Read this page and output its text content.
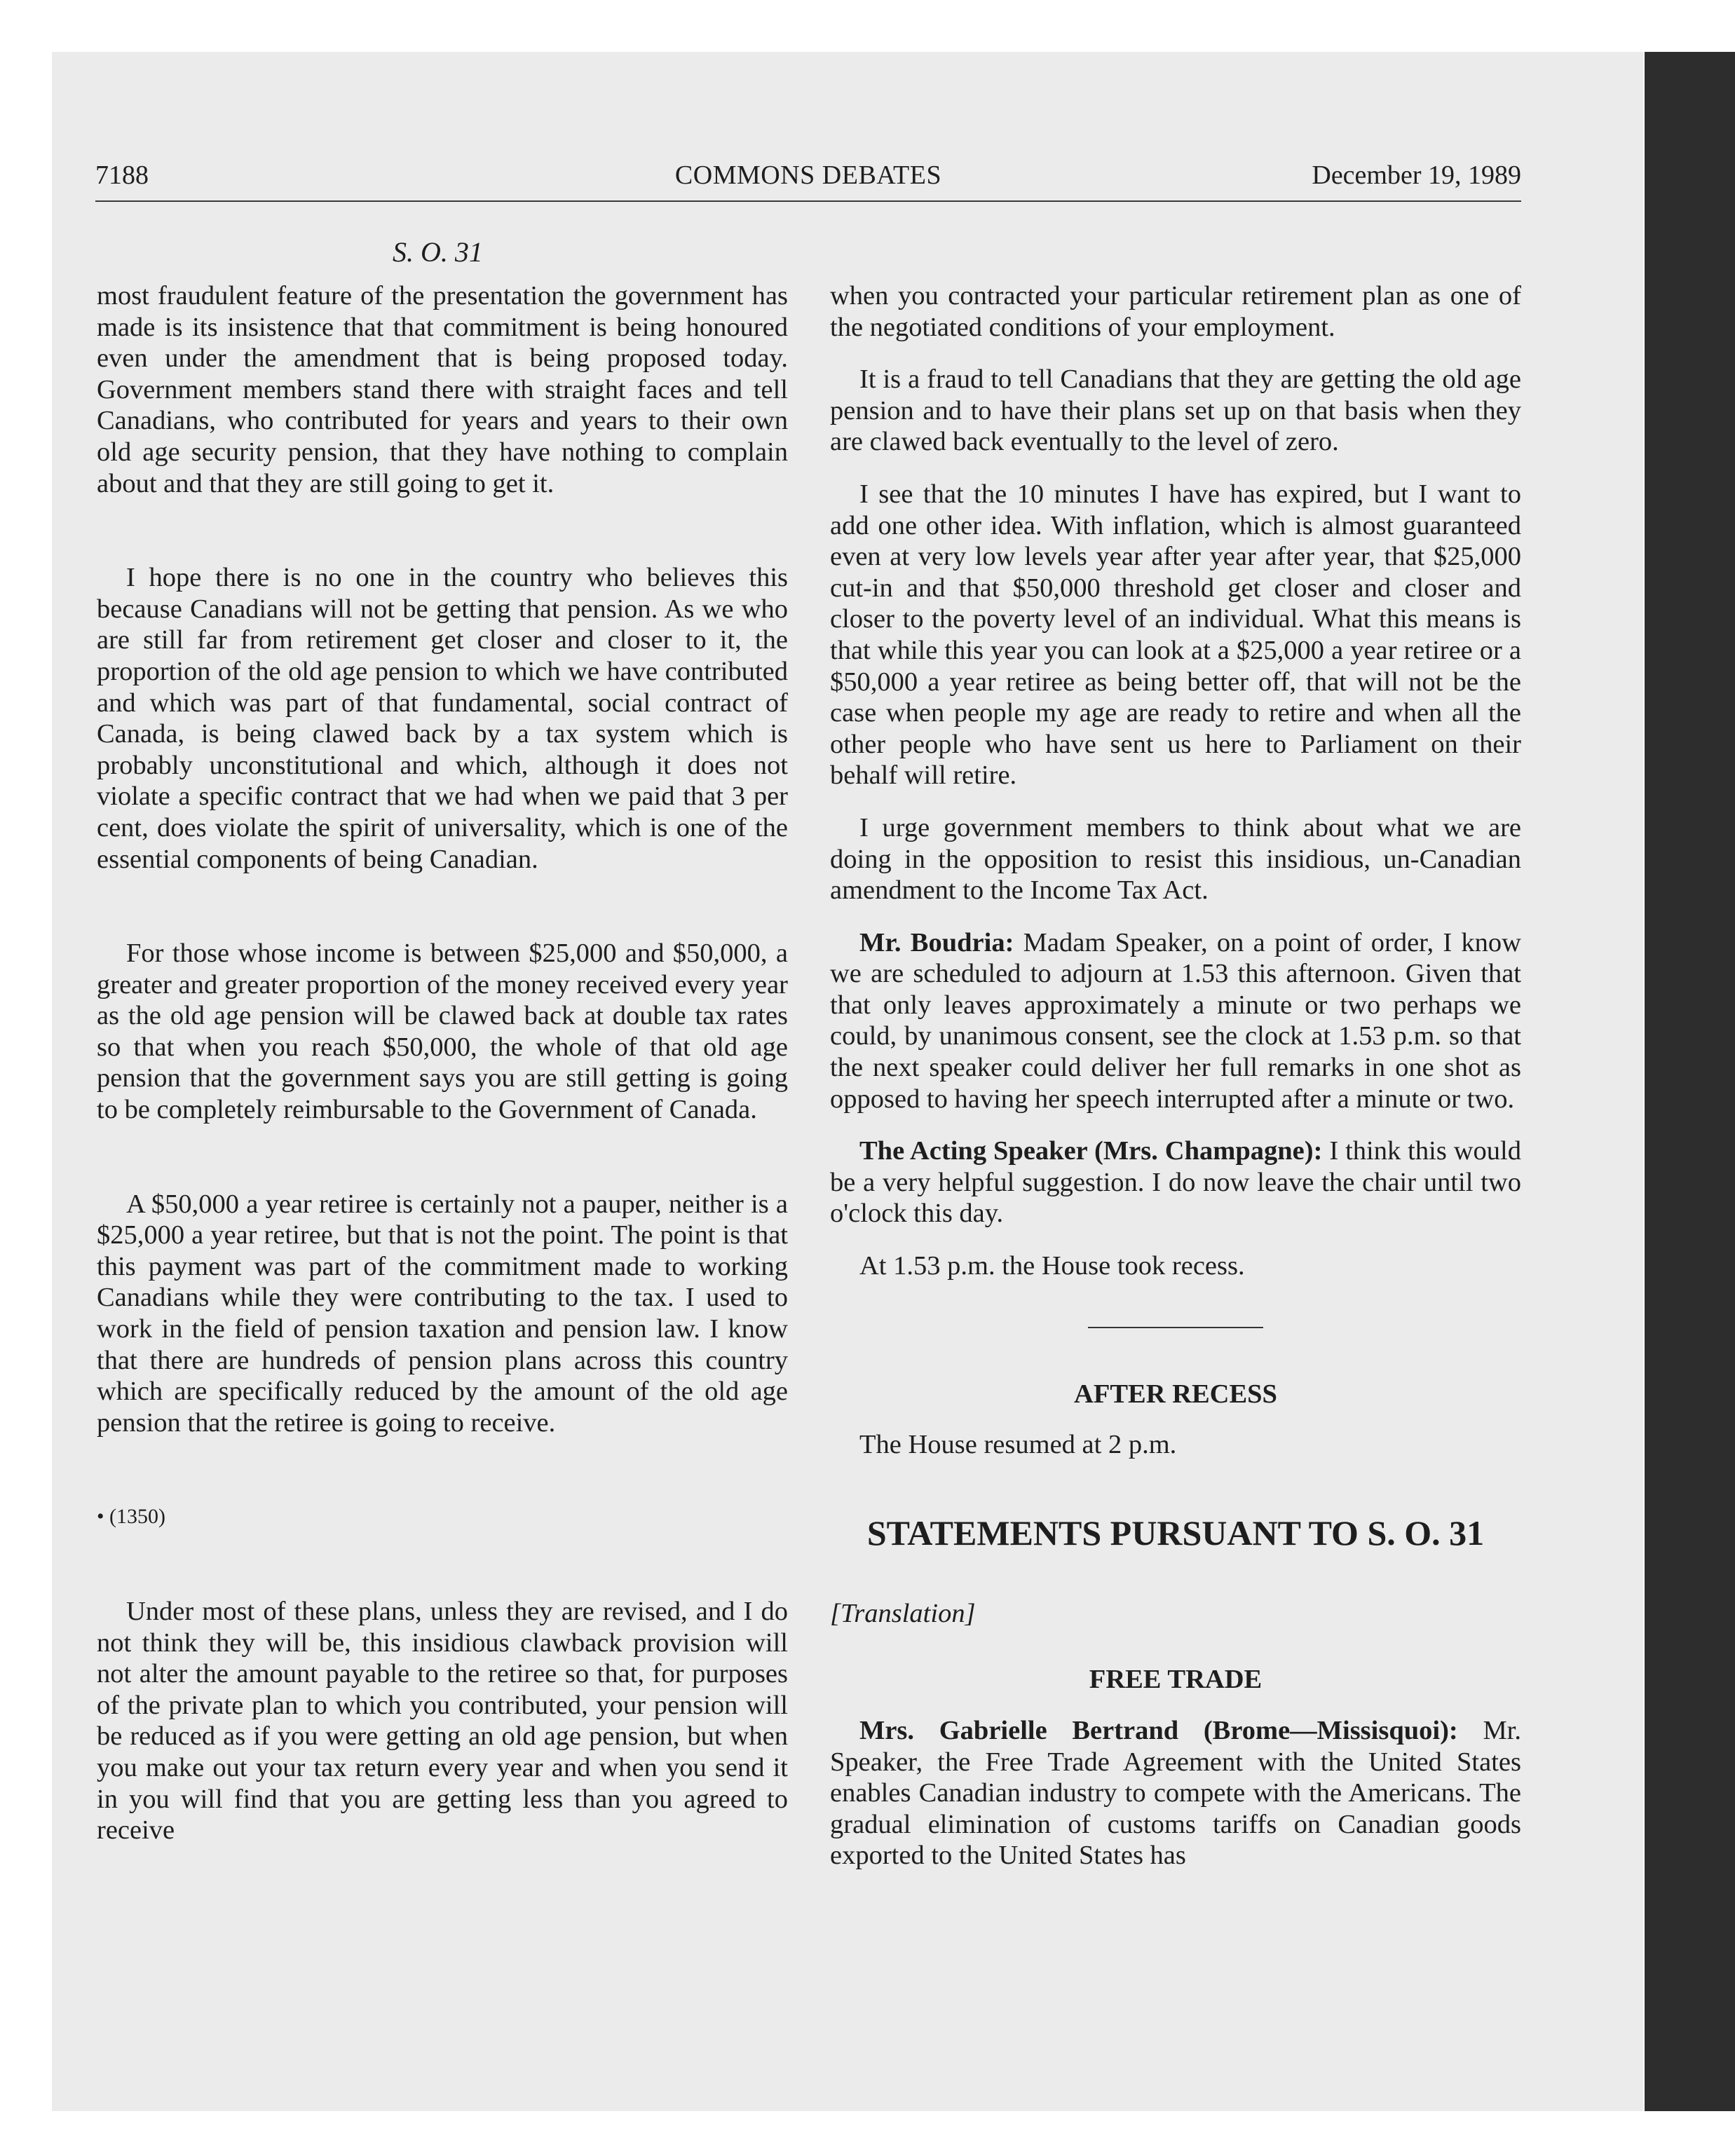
7188	COMMONS DEBATES	December 19, 1989
S. O. 31

most fraudulent feature of the presentation the government has made is its insistence that that commitment is being honoured even under the amendment that is being proposed today. Government members stand there with straight faces and tell Canadians, who contributed for years and years to their own old age security pension, that they have nothing to complain about and that they are still going to get it.

I hope there is no one in the country who believes this because Canadians will not be getting that pension. As we who are still far from retirement get closer and closer to it, the proportion of the old age pension to which we have contributed and which was part of that fundamental, social contract of Canada, is being clawed back by a tax system which is probably unconstitutional and which, although it does not violate a specific contract that we had when we paid that 3 per cent, does violate the spirit of universality, which is one of the essential components of being Canadian.

For those whose income is between $25,000 and $50,000, a greater and greater proportion of the money received every year as the old age pension will be clawed back at double tax rates so that when you reach $50,000, the whole of that old age pension that the government says you are still getting is going to be completely reimbursable to the Government of Canada.

A $50,000 a year retiree is certainly not a pauper, neither is a $25,000 a year retiree, but that is not the point. The point is that this payment was part of the commitment made to working Canadians while they were contributing to the tax. I used to work in the field of pension taxation and pension law. I know that there are hundreds of pension plans across this country which are specifically reduced by the amount of the old age pension that the retiree is going to receive.

• (1350)

Under most of these plans, unless they are revised, and I do not think they will be, this insidious clawback provision will not alter the amount payable to the retiree so that, for purposes of the private plan to which you contributed, your pension will be reduced as if you were getting an old age pension, but when you make out your tax return every year and when you send it in you will find that you are getting less than you agreed to receive

when you contracted your particular retirement plan as one of the negotiated conditions of your employment.

It is a fraud to tell Canadians that they are getting the old age pension and to have their plans set up on that basis when they are clawed back eventually to the level of zero.

I see that the 10 minutes I have has expired, but I want to add one other idea. With inflation, which is almost guaranteed even at very low levels year after year after year, that $25,000 cut-in and that $50,000 threshold get closer and closer and closer to the poverty level of an individual. What this means is that while this year you can look at a $25,000 a year retiree or a $50,000 a year retiree as being better off, that will not be the case when people my age are ready to retire and when all the other people who have sent us here to Parliament on their behalf will retire.

I urge government members to think about what we are doing in the opposition to resist this insidious, un-Canadian amendment to the Income Tax Act.

Mr. Boudria: Madam Speaker, on a point of order, I know we are scheduled to adjourn at 1.53 this afternoon. Given that that only leaves approximately a minute or two perhaps we could, by unanimous consent, see the clock at 1.53 p.m. so that the next speaker could deliver her full remarks in one shot as opposed to having her speech interrupted after a minute or two.

The Acting Speaker (Mrs. Champagne): I think this would be a very helpful suggestion. I do now leave the chair until two o'clock this day.

At 1.53 p.m. the House took recess.

AFTER RECESS

The House resumed at 2 p.m.

STATEMENTS PURSUANT TO S. O. 31

[Translation]

FREE TRADE

Mrs. Gabrielle Bertrand (Brome—Missisquoi): Mr. Speaker, the Free Trade Agreement with the United States enables Canadian industry to compete with the Americans. The gradual elimination of customs tariffs on Canadian goods exported to the United States has
